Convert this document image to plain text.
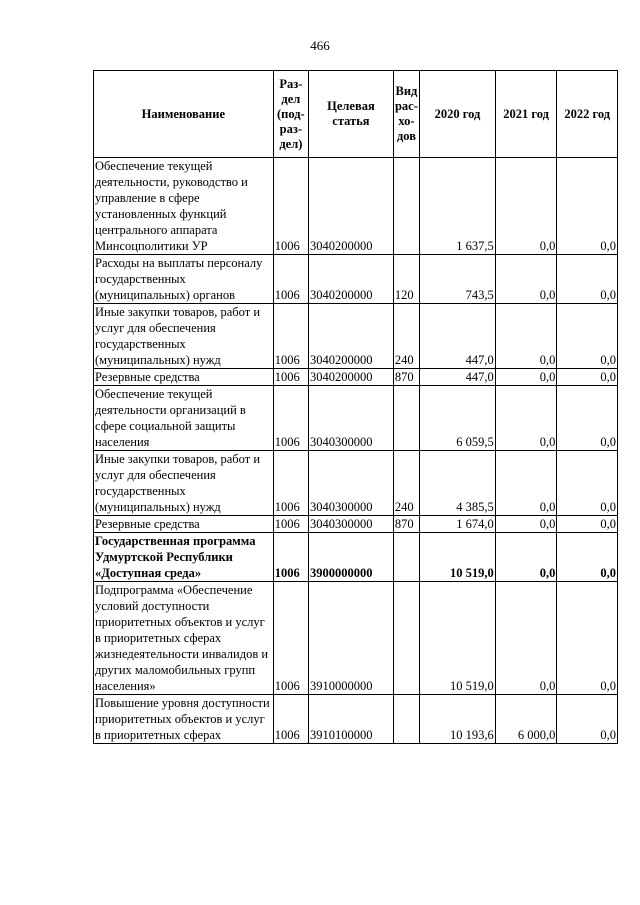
466
Наименование	Раз-
дел
(под-
раз-
дел)	Целевая
статья	Вид
рас-
хо-
дов	2020 год	2021 год	2022 год
Обеспечение текущей деятельности, руководство и управление в сфере установленных функций центрального аппарата Минсоцполитики УР	1006	3040200000		1 637,5	0,0	0,0
Расходы на выплаты персоналу государственных (муниципальных) органов	1006	3040200000	120	743,5	0,0	0,0
Иные закупки товаров, работ и услуг для обеспечения государственных (муниципальных) нужд	1006	3040200000	240	447,0	0,0	0,0
Резервные средства	1006	3040200000	870	447,0	0,0	0,0
Обеспечение текущей деятельности организаций в сфере социальной защиты населения	1006	3040300000		6 059,5	0,0	0,0
Иные закупки товаров, работ и услуг для обеспечения государственных (муниципальных) нужд	1006	3040300000	240	4 385,5	0,0	0,0
Резервные средства	1006	3040300000	870	1 674,0	0,0	0,0
Государственная программа Удмуртской Республики «Доступная среда»	1006	3900000000		10 519,0	0,0	0,0
Подпрограмма «Обеспечение условий доступности приоритетных объектов и услуг в приоритетных сферах жизнедеятельности инвалидов и других маломобильных групп населения»	1006	3910000000		10 519,0	0,0	0,0
Повышение уровня доступности приоритетных объектов и услуг в приоритетных сферах	1006	3910100000		10 193,6	6 000,0	0,0
